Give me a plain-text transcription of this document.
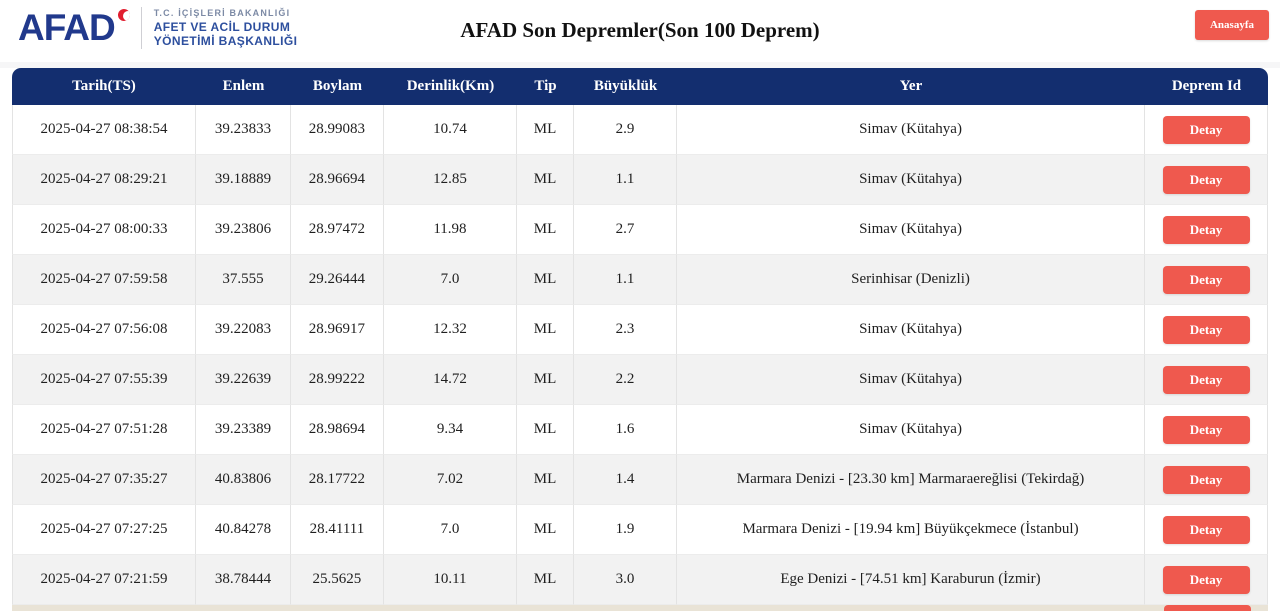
AFAD	T.C. İÇİŞLERİ BAKANLIĞI
AFET VE ACİL DURUM
YÖNETİMİ BAŞKANLIĞI	AFAD Son Depremler(Son 100 Deprem)	Anasayfa
Tarih(TS)	Enlem	Boylam	Derinlik(Km)	Tip	Büyüklük	Yer	Deprem Id
2025-04-27 08:38:54	39.23833	28.99083	10.74	ML	2.9	Simav (Kütahya)	Detay
2025-04-27 08:29:21	39.18889	28.96694	12.85	ML	1.1	Simav (Kütahya)	Detay
2025-04-27 08:00:33	39.23806	28.97472	11.98	ML	2.7	Simav (Kütahya)	Detay
2025-04-27 07:59:58	37.555	29.26444	7.0	ML	1.1	Serinhisar (Denizli)	Detay
2025-04-27 07:56:08	39.22083	28.96917	12.32	ML	2.3	Simav (Kütahya)	Detay
2025-04-27 07:55:39	39.22639	28.99222	14.72	ML	2.2	Simav (Kütahya)	Detay
2025-04-27 07:51:28	39.23389	28.98694	9.34	ML	1.6	Simav (Kütahya)	Detay
2025-04-27 07:35:27	40.83806	28.17722	7.02	ML	1.4	Marmara Denizi - [23.30 km] Marmaraereğlisi (Tekirdağ)	Detay
2025-04-27 07:27:25	40.84278	28.41111	7.0	ML	1.9	Marmara Denizi - [19.94 km] Büyükçekmece (İstanbul)	Detay
2025-04-27 07:21:59	38.78444	25.5625	10.11	ML	3.0	Ege Denizi - [74.51 km] Karaburun (İzmir)	Detay
